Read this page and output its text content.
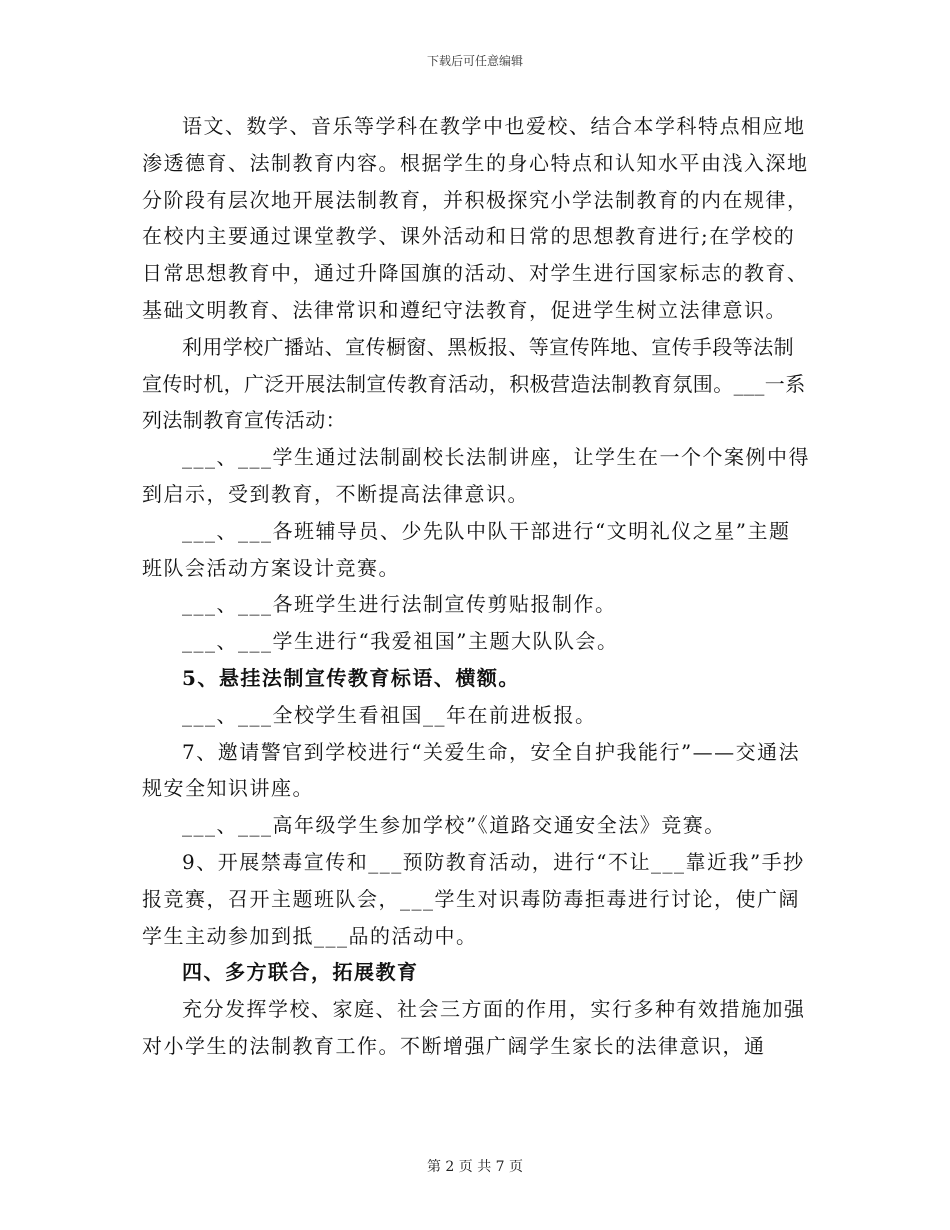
下载后可任意编辑

语文、数学、音乐等学科在教学中也爱校、结合本学科特点相应地渗透德育、法制教育内容。根据学生的身心特点和认知水平由浅入深地分阶段有层次地开展法制教育，并积极探究小学法制教育的内在规律，在校内主要通过课堂教学、课外活动和日常的思想教育进行;在学校的日常思想教育中，通过升降国旗的活动、对学生进行国家标志的教育、基础文明教育、法律常识和遵纪守法教育，促进学生树立法律意识。

利用学校广播站、宣传橱窗、黑板报、等宣传阵地、宣传手段等法制宣传时机，广泛开展法制宣传教育活动，积极营造法制教育氛围。___一系列法制教育宣传活动：

___、___学生通过法制副校长法制讲座，让学生在一个个案例中得到启示，受到教育，不断提高法律意识。

___、___各班辅导员、少先队中队干部进行“文明礼仪之星”主题班队会活动方案设计竞赛。

___、___各班学生进行法制宣传剪贴报制作。

___、___学生进行“我爱祖国”主题大队队会。

5、悬挂法制宣传教育标语、横额。

___、___全校学生看祖国__年在前进板报。

7、邀请警官到学校进行“关爱生命，安全自护我能行”——交通法规安全知识讲座。

___、___高年级学生参加学校”《道路交通安全法》竞赛。

9、开展禁毒宣传和___预防教育活动，进行“不让___靠近我”手抄报竞赛，召开主题班队会，___学生对识毒防毒拒毒进行讨论，使广阔学生主动参加到抵___品的活动中。

四、多方联合，拓展教育

充分发挥学校、家庭、社会三方面的作用，实行多种有效措施加强对小学生的法制教育工作。不断增强广阔学生家长的法律意识，通

第 2 页 共 7 页
